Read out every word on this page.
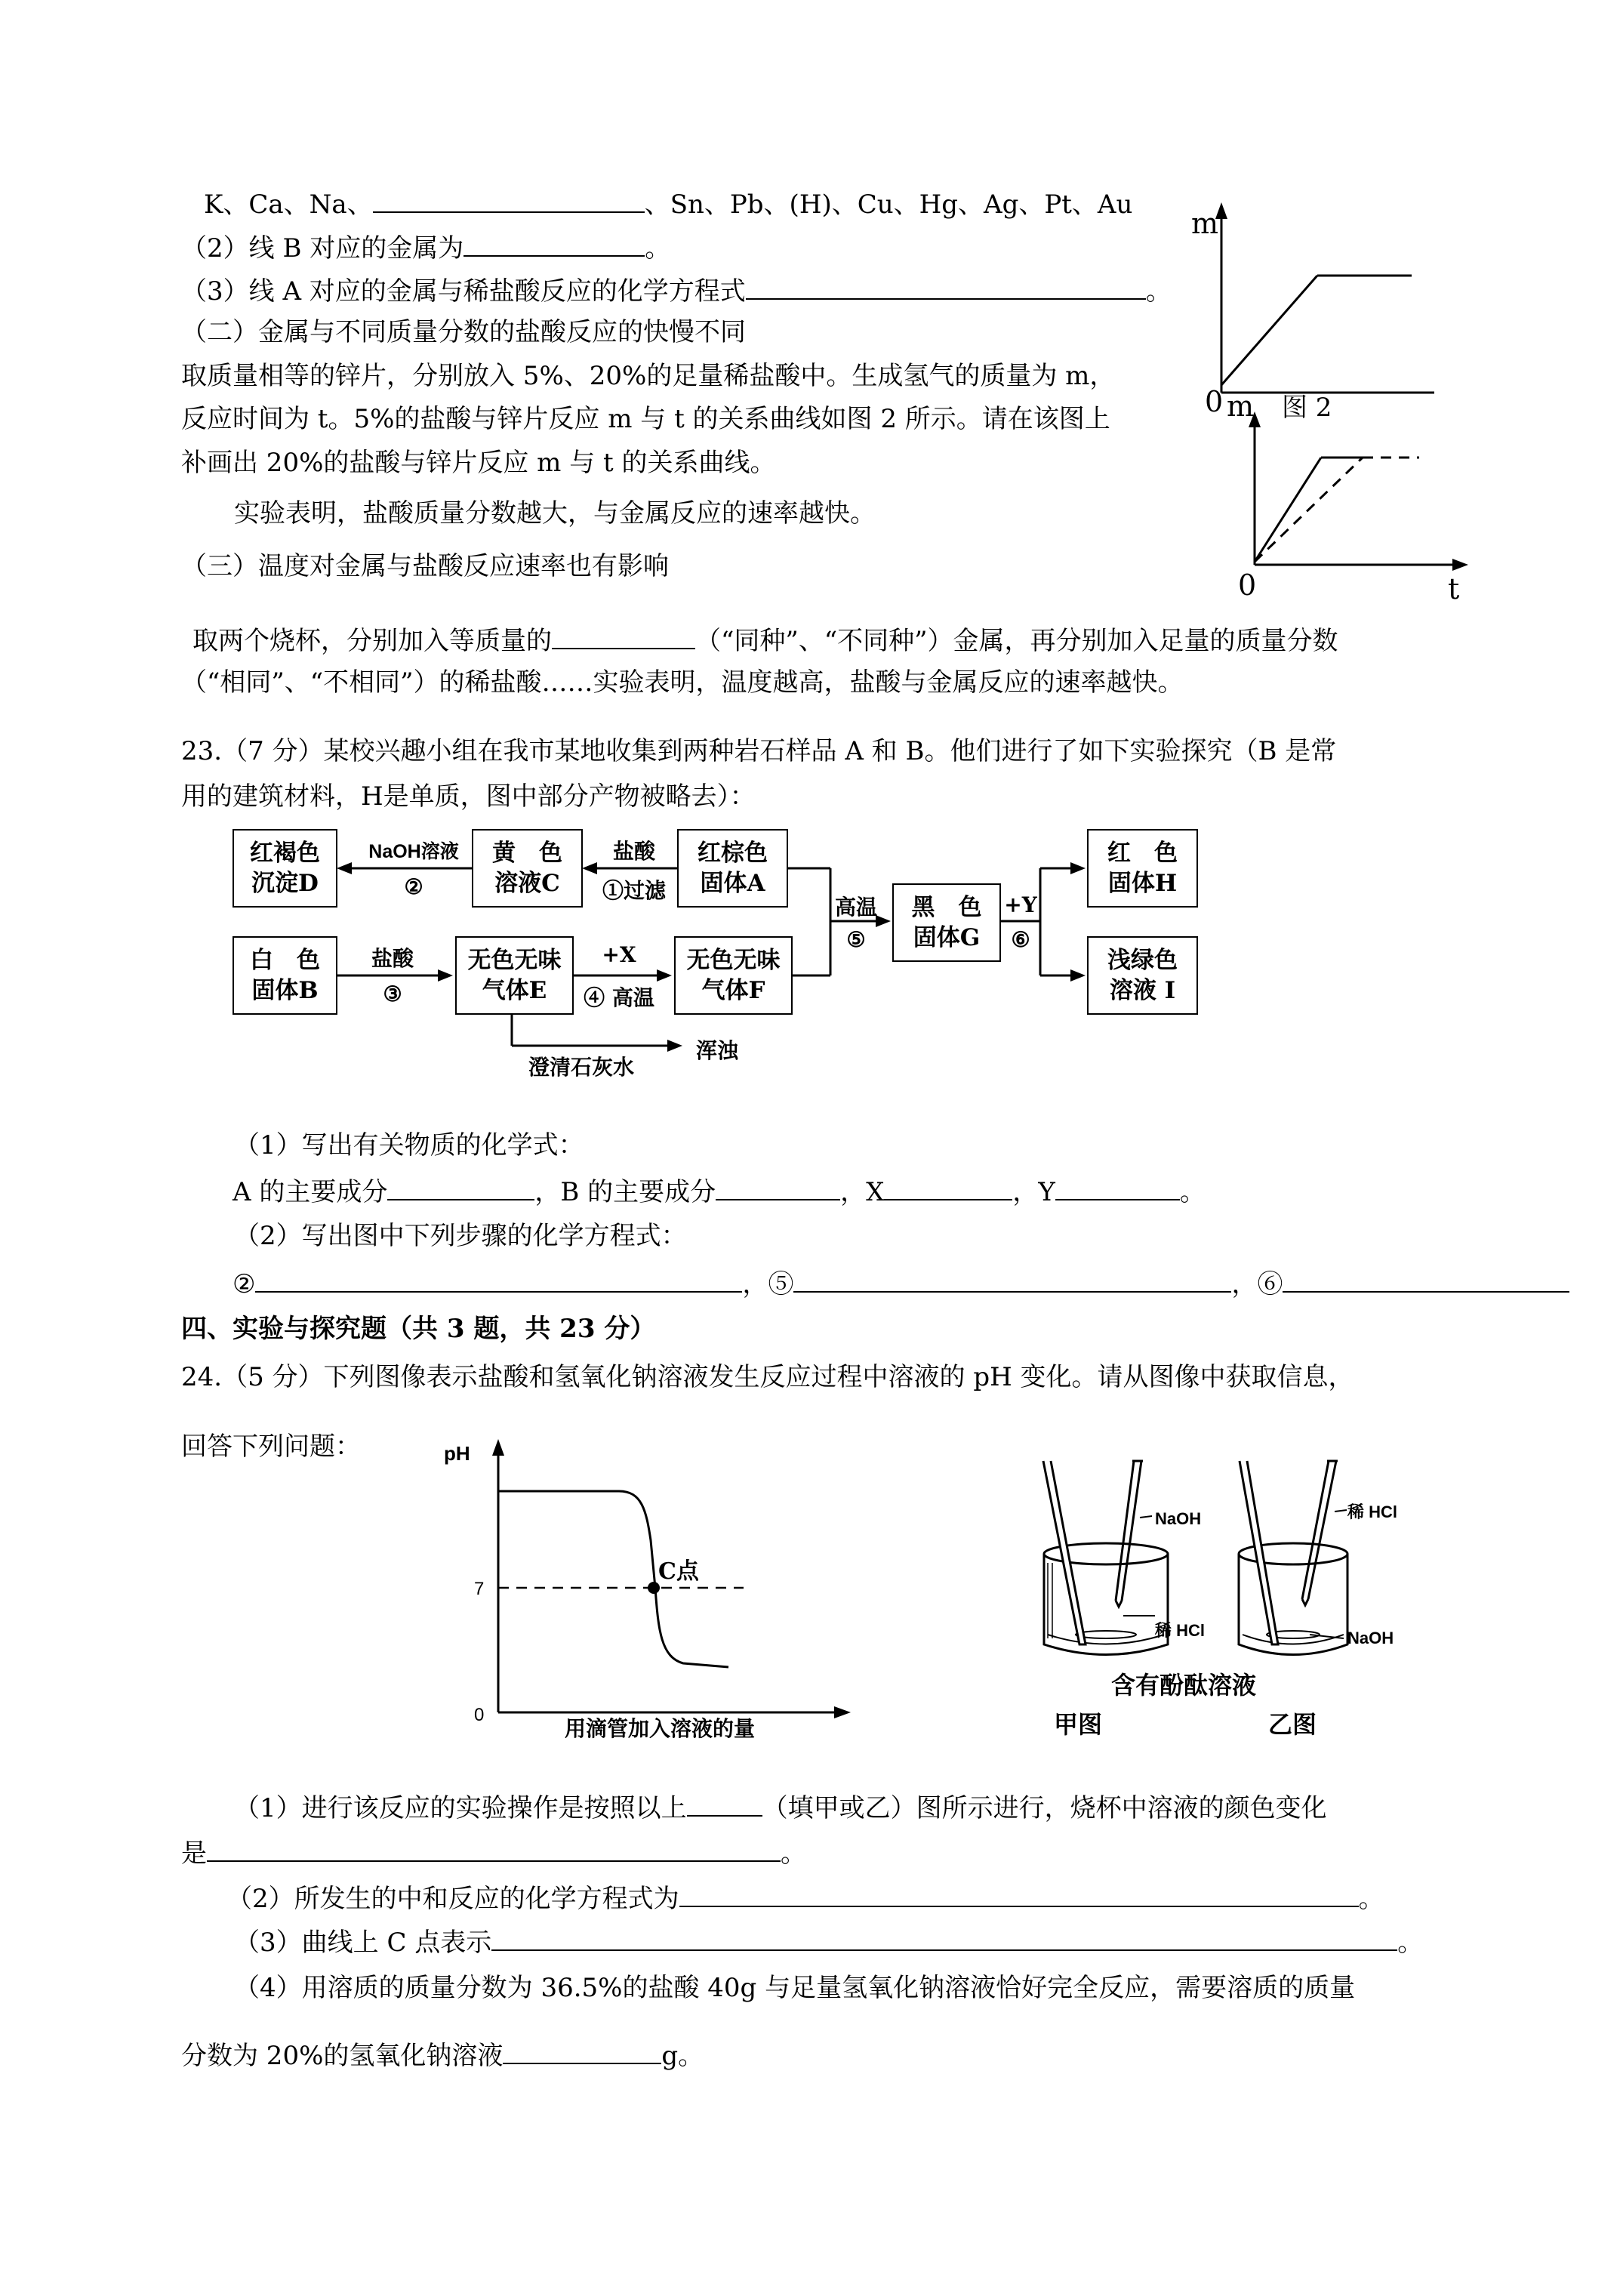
K、Ca、Na、	、Sn、Pb、(H)、Cu、Hg、Ag、Pt、Au
（2）线 B 对应的金属为	。
（3）线 A 对应的金属与稀盐酸反应的化学方程式	。
（二）金属与不同质量分数的盐酸反应的快慢不同
取质量相等的锌片，分别放入 5%、20%的足量稀盐酸中。生成氢气的质量为 m，
反应时间为 t。5%的盐酸与锌片反应 m 与 t 的关系曲线如图 2 所示。请在该图上
补画出 20%的盐酸与锌片反应 m 与 t 的关系曲线。
实验表明，盐酸质量分数越大，与金属反应的速率越快。
（三）温度对金属与盐酸反应速率也有影响
取两个烧杯，分别加入等质量的	（“同种”、“不同种”）金属，再分别加入足量的质量分数
（“相同”、“不相同”）的稀盐酸……实验表明，温度越高，盐酸与金属反应的速率越快。
m
0 m 图 2
0	t
23.（7 分）某校兴趣小组在我市某地收集到两种岩石样品 A 和 B。他们进行了如下实验探究（B 是常
用的建筑材料，H是单质，图中部分产物被略去）：
红褐色
沉淀D
黄　色
溶液C
红棕色
固体A
白　色
固体B
无色无味
气体E
无色无味
气体F
黑　色
固体G
红　色
固体H
浅绿色
溶液 I
NaOH溶液
②
盐酸
①过滤
盐酸
③
+X
④ 高温
高温
⑤
+Y
⑥
澄清石灰水
浑浊
（1）写出有关物质的化学式：
A 的主要成分	，B 的主要成分	，X	，Y	。
（2）写出图中下列步骤的化学方程式：
②	，⑤	，⑥
四、实验与探究题（共 3 题，共 23 分）
24.（5 分）下列图像表示盐酸和氢氧化钠溶液发生反应过程中溶液的 pH 变化。请从图像中获取信息，
回答下列问题：	pH
7
0
C点
用滴管加入溶液的量
NaOH
稀 HCl
稀 HCl
NaOH
含有酚酞溶液
甲图	乙图
（1）进行该反应的实验操作是按照以上	（填甲或乙）图所示进行，烧杯中溶液的颜色变化
是	。
（2）所发生的中和反应的化学方程式为	。
（3）曲线上 C 点表示	。
（4）用溶质的质量分数为 36.5%的盐酸 40g 与足量氢氧化钠溶液恰好完全反应，需要溶质的质量
分数为 20%的氢氧化钠溶液	g。
